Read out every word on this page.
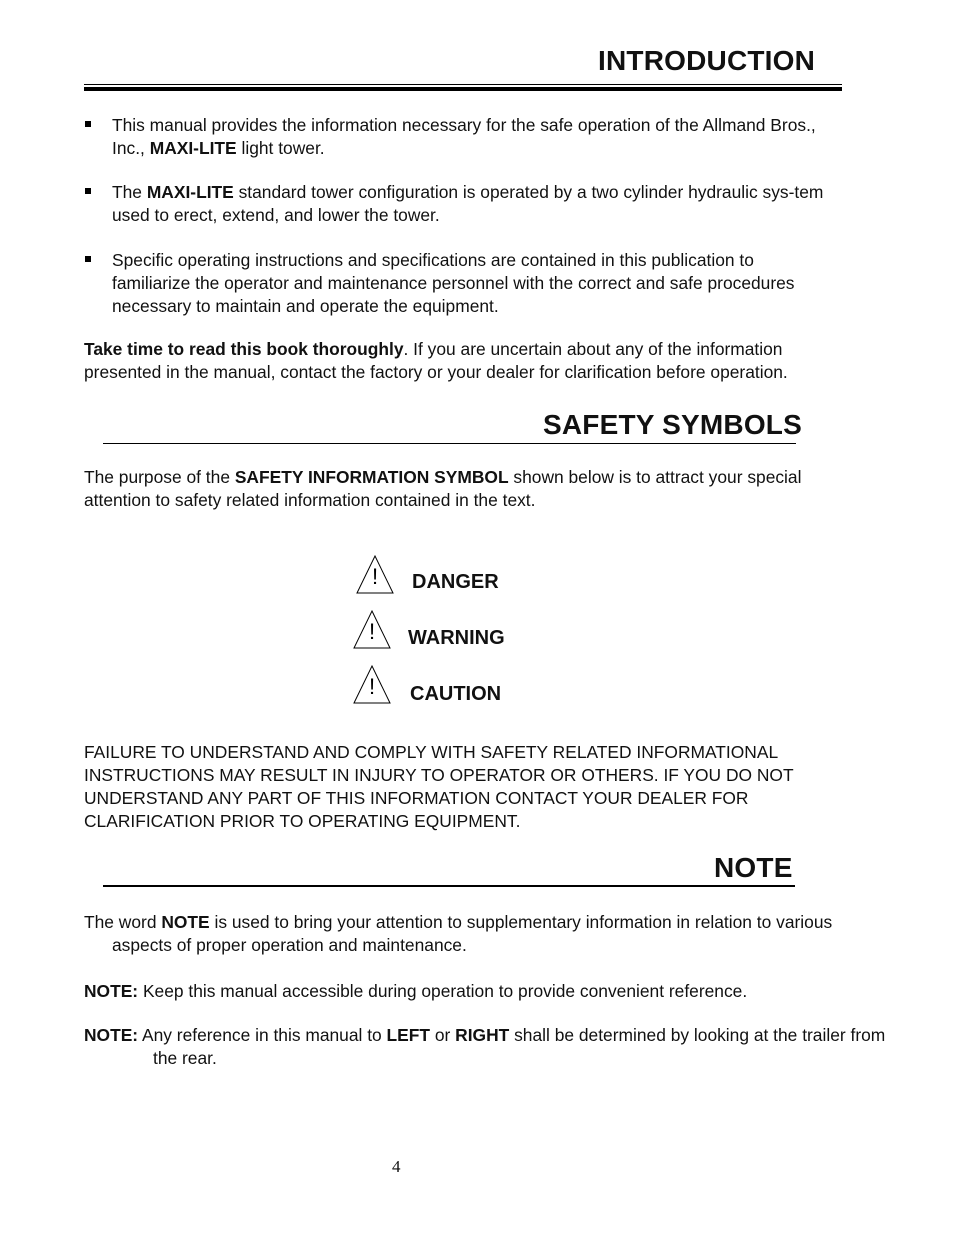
INTRODUCTION
This manual provides the information necessary for the safe operation of the Allmand Bros., Inc., MAXI-LITE light tower.
The MAXI-LITE standard tower configuration is operated by a two cylinder hydraulic sys-tem used to erect, extend, and lower the tower.
Specific operating instructions and specifications are contained in this publication to familiarize the operator and maintenance personnel with the correct and safe procedures necessary to maintain and operate the equipment.
Take time to read this book thoroughly. If you are uncertain about any of the information presented in the manual, contact the factory or your dealer for clarification before operation.
SAFETY SYMBOLS
The purpose of the SAFETY INFORMATION SYMBOL shown below is to attract your special attention to safety related information contained in the text.
! DANGER
! WARNING
! CAUTION
FAILURE TO UNDERSTAND AND COMPLY WITH SAFETY RELATED INFORMATIONAL INSTRUCTIONS MAY RESULT IN INJURY TO OPERATOR OR OTHERS. IF YOU DO NOT UNDERSTAND ANY PART OF THIS INFORMATION CONTACT YOUR DEALER FOR CLARIFICATION PRIOR TO OPERATING EQUIPMENT.
NOTE
The word NOTE is used to bring your attention to supplementary information in relation to various aspects of proper operation and maintenance.
NOTE: Keep this manual accessible during operation to provide convenient reference.
NOTE: Any reference in this manual to LEFT or RIGHT shall be determined by looking at the trailer from the rear.
4
